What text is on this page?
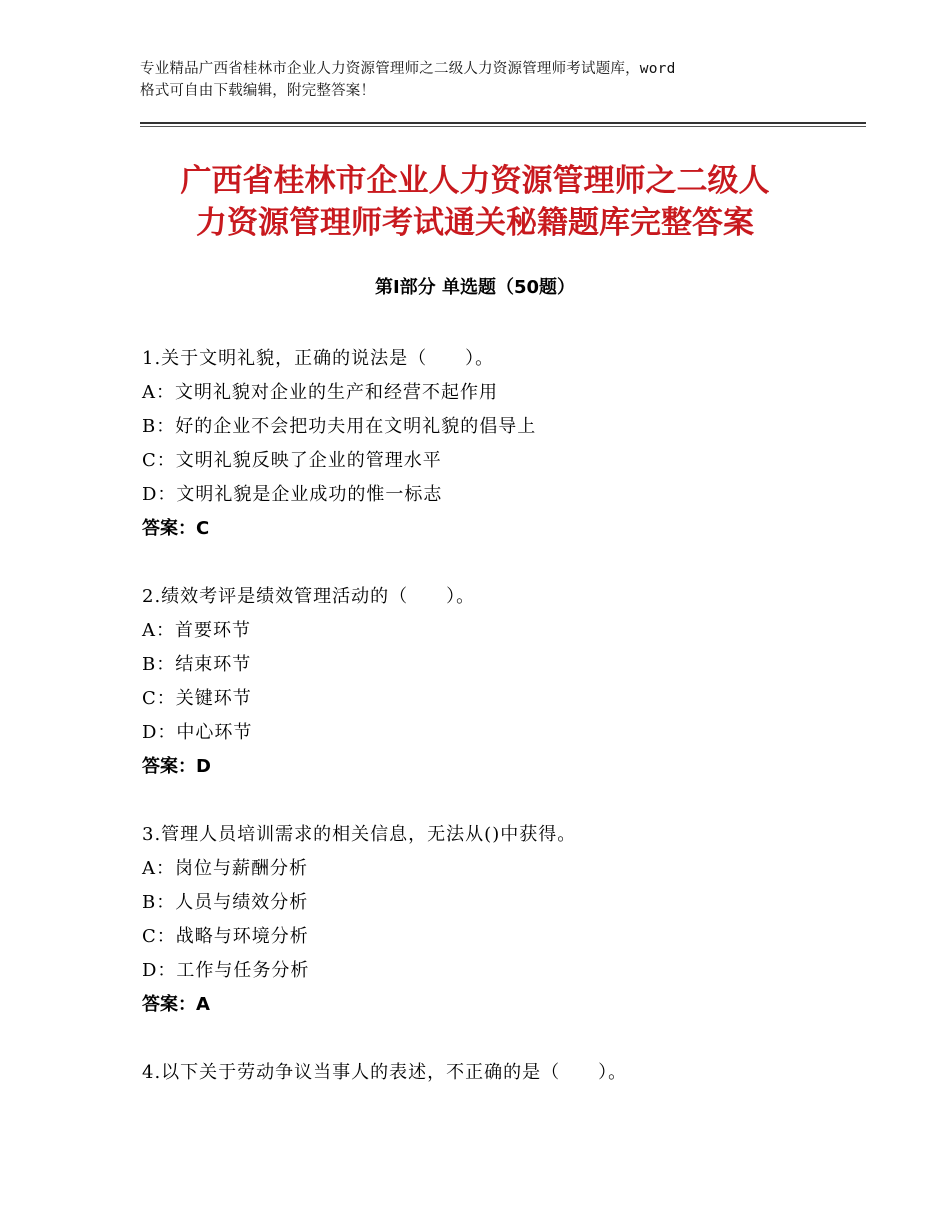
专业精品广西省桂林市企业人力资源管理师之二级人力资源管理师考试题库，word
格式可自由下载编辑，附完整答案！
广西省桂林市企业人力资源管理师之二级人
力资源管理师考试通关秘籍题库完整答案
第Ⅰ部分 单选题（50题）
1.关于文明礼貌，正确的说法是（　　）。
A：文明礼貌对企业的生产和经营不起作用
B：好的企业不会把功夫用在文明礼貌的倡导上
C：文明礼貌反映了企业的管理水平
D：文明礼貌是企业成功的惟一标志
答案：C
2.绩效考评是绩效管理活动的（　　）。
A：首要环节
B：结束环节
C：关键环节
D：中心环节
答案：D
3.管理人员培训需求的相关信息，无法从()中获得。
A：岗位与薪酬分析
B：人员与绩效分析
C：战略与环境分析
D：工作与任务分析
答案：A
4.以下关于劳动争议当事人的表述，不正确的是（　　）。
